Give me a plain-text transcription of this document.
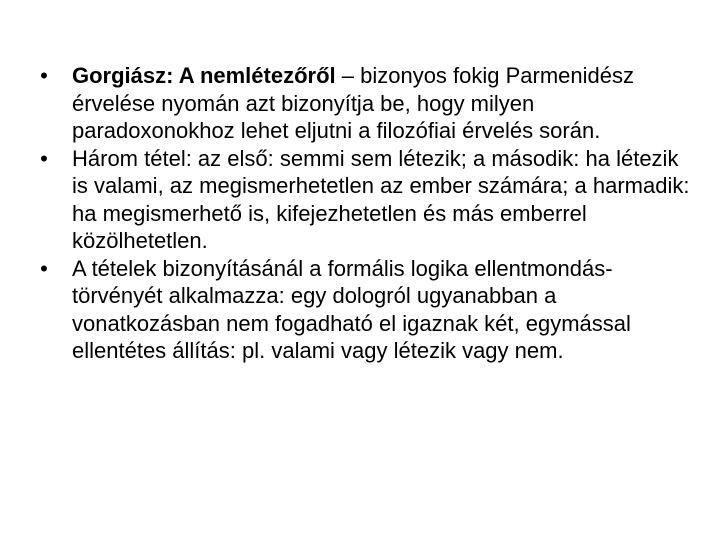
• Gorgiász: A nemlétezőről – bizonyos fokig Parmenidész érvelése nyomán azt bizonyítja be, hogy milyen paradoxonokhoz lehet eljutni a filozófiai érvelés során.
• Három tétel: az első: semmi sem létezik; a második: ha létezik is valami, az megismerhetetlen az ember számára; a harmadik: ha megismerhető is, kifejezhetetlen és más emberrel közölhetetlen.
• A tételek bizonyításánál a formális logika ellentmondás-törvényét alkalmazza: egy dologról ugyanabban a vonatkozásban nem fogadható el igaznak két, egymással ellentétes állítás: pl. valami vagy létezik vagy nem.
